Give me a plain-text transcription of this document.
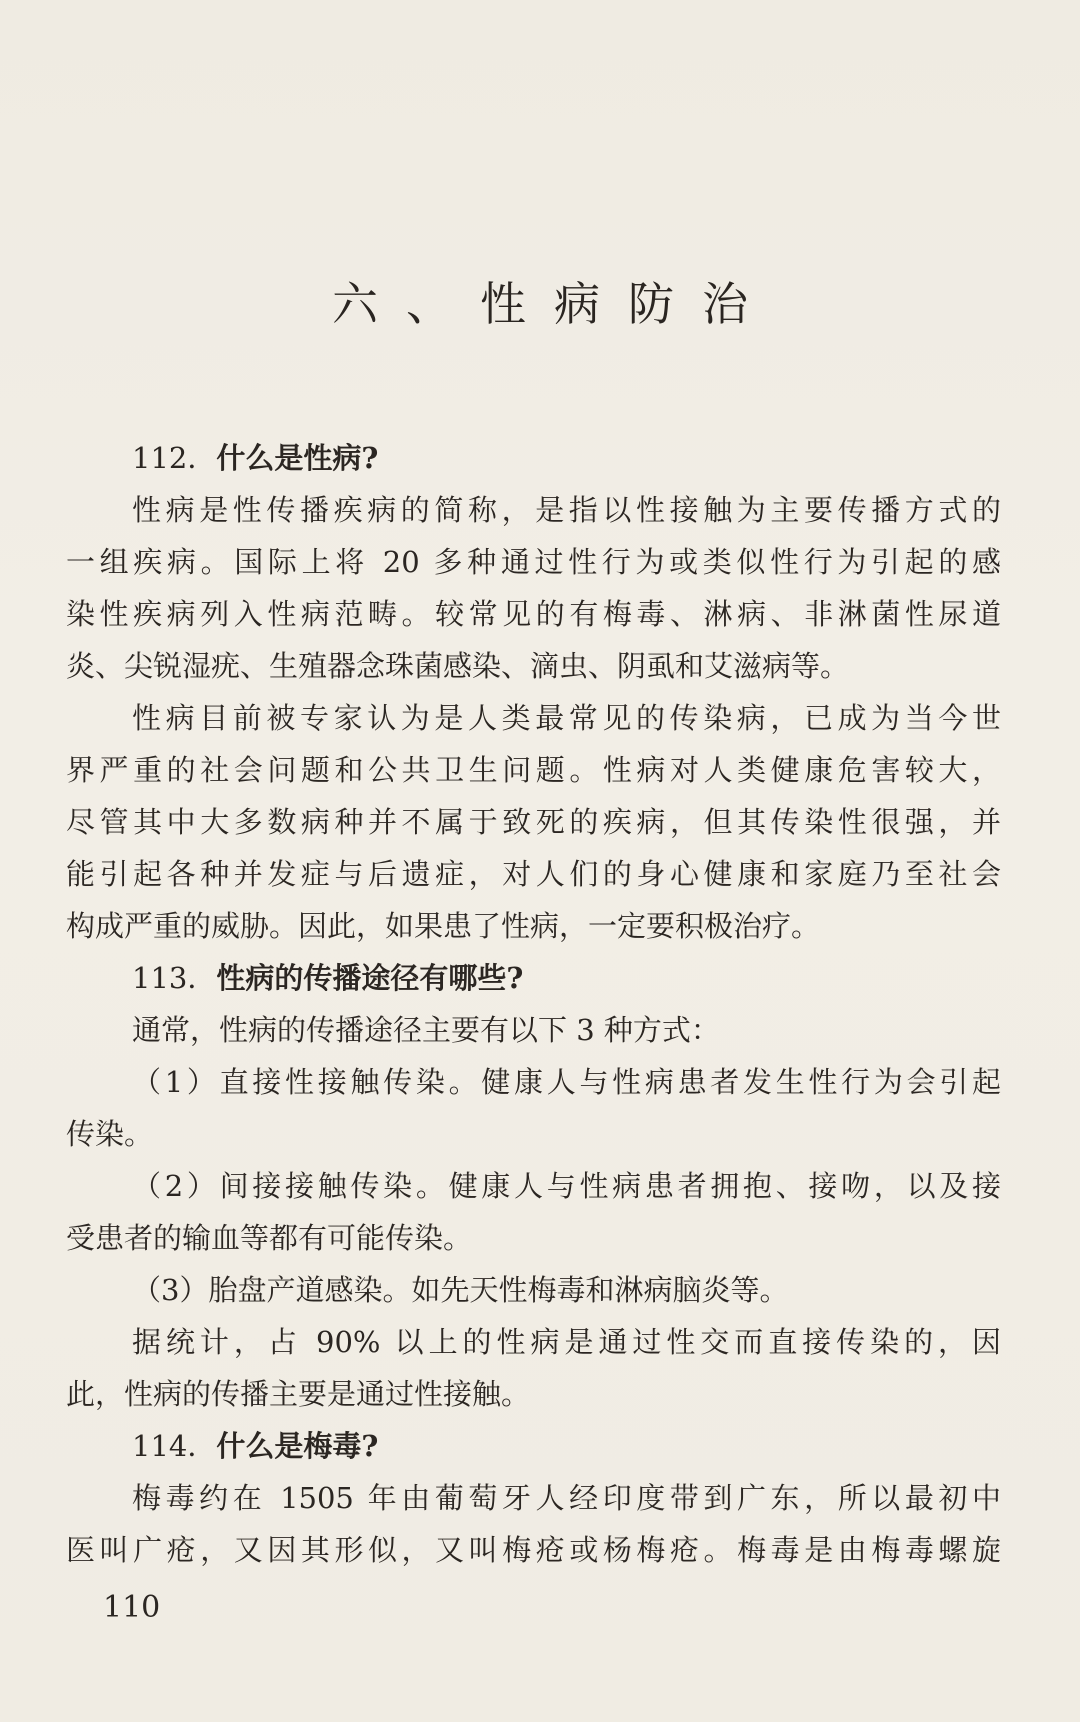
六、性病防治
112．什么是性病?
性病是性传播疾病的简称，是指以性接触为主要传播方式的
一组疾病。国际上将 20 多种通过性行为或类似性行为引起的感
染性疾病列入性病范畴。较常见的有梅毒、淋病、非淋菌性尿道
炎、尖锐湿疣、生殖器念珠菌感染、滴虫、阴虱和艾滋病等。
性病目前被专家认为是人类最常见的传染病，已成为当今世
界严重的社会问题和公共卫生问题。性病对人类健康危害较大，
尽管其中大多数病种并不属于致死的疾病，但其传染性很强，并
能引起各种并发症与后遗症，对人们的身心健康和家庭乃至社会
构成严重的威胁。因此，如果患了性病，一定要积极治疗。
113．性病的传播途径有哪些?
通常，性病的传播途径主要有以下 3 种方式：
（1）直接性接触传染。健康人与性病患者发生性行为会引起
传染。
（2）间接接触传染。健康人与性病患者拥抱、接吻，以及接
受患者的输血等都有可能传染。
（3）胎盘产道感染。如先天性梅毒和淋病脑炎等。
据统计，占 90% 以上的性病是通过性交而直接传染的，因
此，性病的传播主要是通过性接触。
114．什么是梅毒?
梅毒约在 1505 年由葡萄牙人经印度带到广东，所以最初中
医叫广疮，又因其形似，又叫梅疮或杨梅疮。梅毒是由梅毒螺旋
110
